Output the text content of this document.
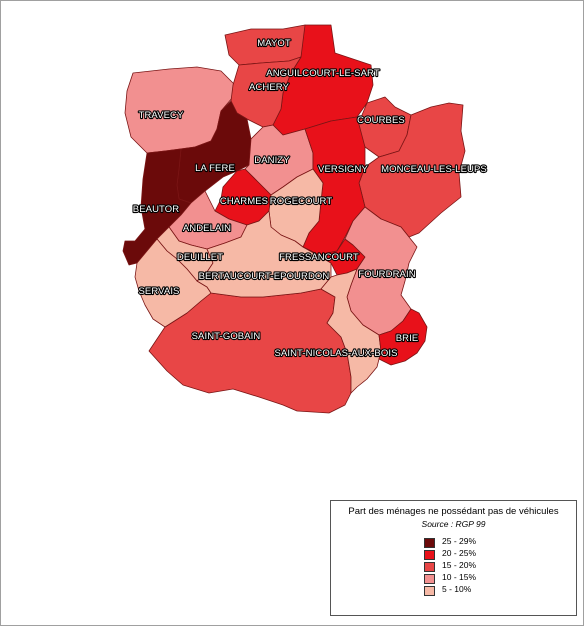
MAYOT
ANGUILCOURT-LE-SART
ACHERY
TRAVECY	COURBES
LA FERE
DANIZY
VERSIGNY MONCEAU-LES-LEUPS
BEAUTOR
CHARMES ROGECOURT
ANDELAIN
FRESSANCOURT
DEUILLET
BERTAUCOURT-EPOURDON	FOURDRAIN
SERVAIS
SAINT-GOBAIN	BRIE
SAINT-NICOLAS-AUX-BOIS
Part des ménages ne possédant pas de véhicules
Source : RGP 99
25 - 29%
20 - 25%
15 - 20%
10 - 15%
5 - 10%
